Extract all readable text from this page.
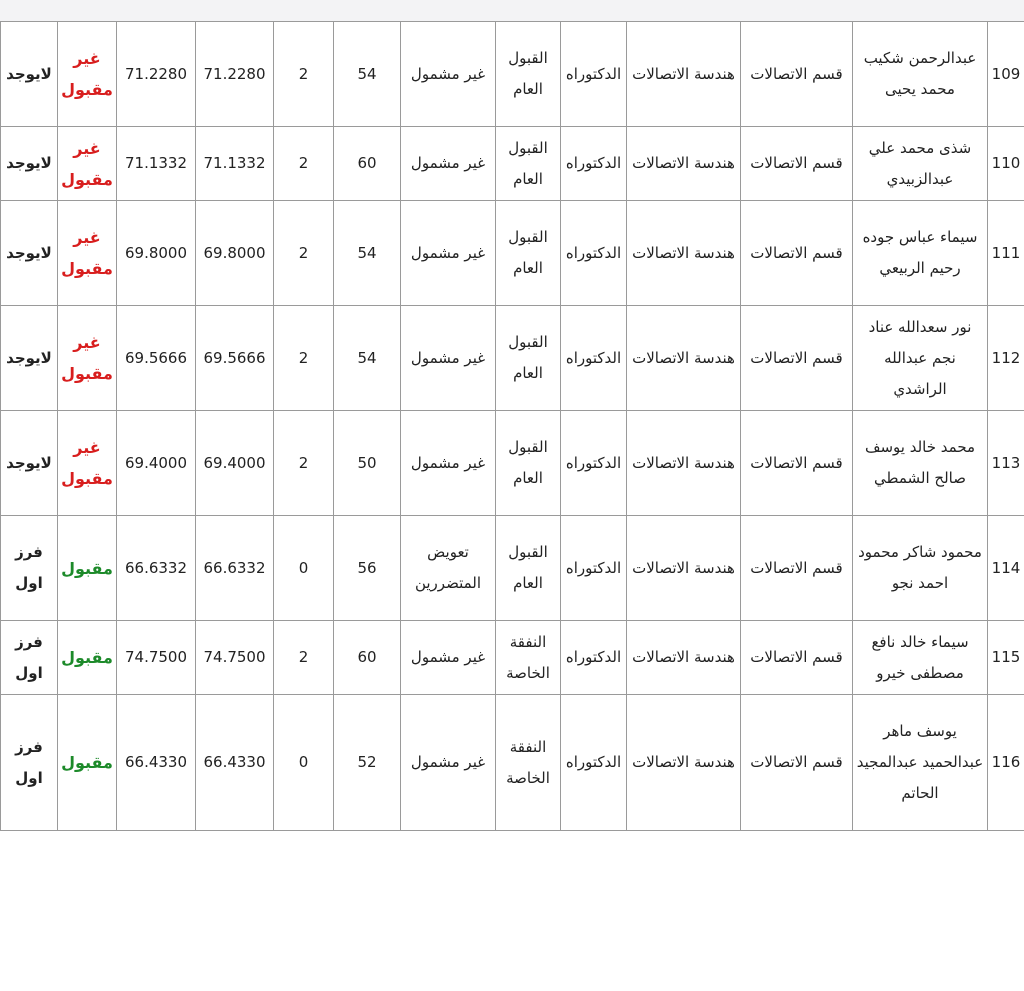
109	عبدالرحمن شكيب محمد يحيى	قسم الاتصالات	هندسة الاتصالات	الدكتوراه	القبول العام	غير مشمول	54	2	71.2280	71.2280	غير مقبول	لايوجد
110	شذى محمد علي عبدالزبيدي	قسم الاتصالات	هندسة الاتصالات	الدكتوراه	القبول العام	غير مشمول	60	2	71.1332	71.1332	غير مقبول	لايوجد
111	سيماء عباس جوده رحيم الربيعي	قسم الاتصالات	هندسة الاتصالات	الدكتوراه	القبول العام	غير مشمول	54	2	69.8000	69.8000	غير مقبول	لايوجد
112	نور سعدالله عناد نجم عبدالله الراشدي	قسم الاتصالات	هندسة الاتصالات	الدكتوراه	القبول العام	غير مشمول	54	2	69.5666	69.5666	غير مقبول	لايوجد
113	محمد خالد يوسف صالح الشمطي	قسم الاتصالات	هندسة الاتصالات	الدكتوراه	القبول العام	غير مشمول	50	2	69.4000	69.4000	غير مقبول	لايوجد
114	محمود شاكر محمود احمد نجو	قسم الاتصالات	هندسة الاتصالات	الدكتوراه	القبول العام	تعويض المتضررين	56	0	66.6332	66.6332	مقبول	فرز اول
115	سيماء خالد نافع مصطفى خيرو	قسم الاتصالات	هندسة الاتصالات	الدكتوراه	النفقة الخاصة	غير مشمول	60	2	74.7500	74.7500	مقبول	فرز اول
116	يوسف ماهر عبدالحميد عبدالمجيد الحاتم	قسم الاتصالات	هندسة الاتصالات	الدكتوراه	النفقة الخاصة	غير مشمول	52	0	66.4330	66.4330	مقبول	فرز اول
